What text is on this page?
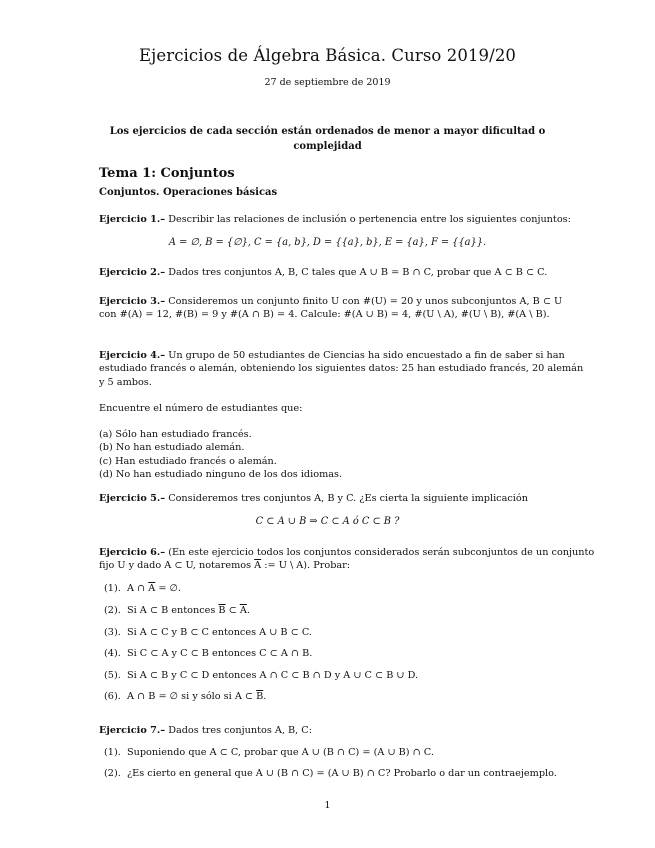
Ejercicios de Álgebra Básica. Curso 2019/20
27 de septiembre de 2019
Los ejercicios de cada sección están ordenados de menor a mayor dificultad o complejidad
Tema 1: Conjuntos
Conjuntos. Operaciones básicas
Ejercicio 1.– Describir las relaciones de inclusión o pertenencia entre los siguientes conjuntos:
A = ∅, B = {∅}, C = {a, b}, D = {{a}, b}, E = {a}, F = {{a}}.
Ejercicio 2.– Dados tres conjuntos A, B, C tales que A ∪ B = B ∩ C, probar que A ⊂ B ⊂ C.
Ejercicio 3.– Consideremos un conjunto finito U con #(U) = 20 y unos subconjuntos A, B ⊂ U
con #(A) = 12, #(B) = 9 y #(A ∩ B) = 4. Calcule: #(A ∪ B) = 4, #(U \ A), #(U \ B), #(A \ B).
Ejercicio 4.– Un grupo de 50 estudiantes de Ciencias ha sido encuestado a fin de saber si han
estudiado francés o alemán, obteniendo los siguientes datos: 25 han estudiado francés, 20 alemán
y 5 ambos.
Encuentre el número de estudiantes que:
(a) Sólo han estudiado francés.
(b) No han estudiado alemán.
(c) Han estudiado francés o alemán.
(d) No han estudiado ninguno de los dos idiomas.
Ejercicio 5.– Consideremos tres conjuntos A, B y C. ¿Es cierta la siguiente implicación
C ⊂ A ∪ B ⇒ C ⊂ A ó C ⊂ B ?
Ejercicio 6.– (En este ejercicio todos los conjuntos considerados serán subconjuntos de un conjunto
fijo U y dado A ⊂ U, notaremos $\overline{A}$ := U \ A). Probar:
(1). A ∩ $\overline{A}$ = ∅.
(2). Si A ⊂ B entonces $\overline{B}$ ⊂ $\overline{A}$.
(3). Si A ⊂ C y B ⊂ C entonces A ∪ B ⊂ C.
(4). Si C ⊂ A y C ⊂ B entonces C ⊂ A ∩ B.
(5). Si A ⊂ B y C ⊂ D entonces A ∩ C ⊂ B ∩ D y A ∪ C ⊂ B ∪ D.
(6). A ∩ B = ∅ si y sólo si A ⊂ $\overline{B}$.
Ejercicio 7.– Dados tres conjuntos A, B, C:
(1). Suponiendo que A ⊂ C, probar que A ∪ (B ∩ C) = (A ∪ B) ∩ C.
(2). ¿Es cierto en general que A ∪ (B ∩ C) = (A ∪ B) ∩ C? Probarlo o dar un contraejemplo.
1
